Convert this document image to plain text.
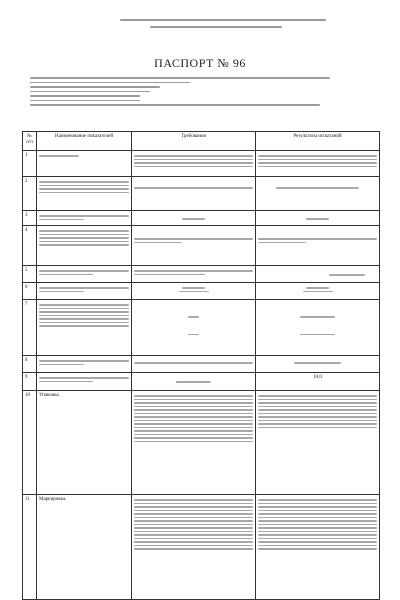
ПАСПОРТ № 96
№ п/п	Наименование показателей	Требования	Результаты испытаний
1	

2	

3	

4	

5	

6	

7	

8	

9			10,0
10	Упаковка.	

11	Маркировка.	
